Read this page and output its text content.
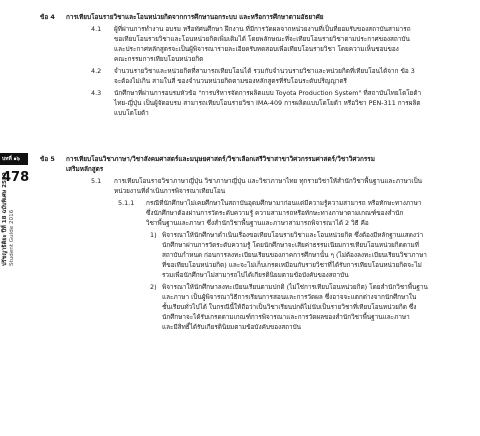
บทที่ ๑๖
478
ปรัชญาธิติยะ ปีที่ 18 ฉบับพิเศษ 2559 Student Guide 2016
ข้อ 4 การเทียบโอนรายวิชาและโอนหน่วยกิตจากการศึกษานอกระบบ และหรือการศึกษาตามอัธยาศัย
4.1 ผู้ที่ผ่านการทำงาน อบรม หรือทัศนศึกษา ฝึกงาน ที่มีการวัดผลจากหน่วยงานที่เป็นที่ยอมรับของสถาบันสามารถ
ขอเทียบโอนรายวิชาและโอนหน่วยกิตเพิ่มเติมได้ โดยพลักษณะที่จะเทียบโอนรายวิชาตามประกาศของสถาบัน
และประกาศหลักสูตรจะเป็นผู้พิจารณารายละเอียดรับทดสอบเพื่อเทียบโอนรายวิชา โดยความเห็นชอบของ
คณะกรรมการเทียบโอนหน่วยกิต
4.2 จำนวนรายวิชาและหน่วยกิตที่สามารถเทียบโอนได้ รวมกับจำนวนรายวิชาและหน่วยกิตที่เทียบโอนได้จาก ข้อ 3
จะต้องไม่เกิน สามในสี่ ของจำนวนหน่วยกิตตามของหลักสูตรที่รับโอนระดับปริญญาตรี
4.3 นักศึกษาที่ผ่านการอบรมหัวข้อ "การบริหารจัดการผลิตแบบ Toyota Production System" ที่สถาบันไทยโตโยต้า
ไทย-ญี่ปุ่น เป็นผู้จัดอบรม สามารถเทียบโอนรายวิชา IMA-409 การผลิตแบบโตโยต้า หรือวิชา PEN-311 การผลิต
แบบโตโยต้า
ข้อ 5 การเทียบโอนวิชาภาษา/วิชาสังคมศาสตร์และมนุษยศาสตร์/วิชาเลือกเสรีวิชาสาขาวิศวกรรมศาสตร์/วิชาวิศวกรรม
เสริมหลักสูตร
5.1 การเทียบโอนรายวิชาภาษาญี่ปุ่น วิชาภาษาญี่ปุ่น และวิชาภาษาไทย ทุกรายวิชาให้สำนักวิชาพื้นฐานและภาษาเป็น
หน่วยงานที่ดำเนินการพิจารณาเทียบโอน
5.1.1 กรณีที่นักศึกษาไม่เคยศึกษาในสถาบันอุดมศึกษามาก่อนแต่มีความรู้ความสามารถ หรือทักษะทางภาษา
ซึ่งนักศึกษาต้องผ่านการวัดระดับความรู้ ความสามารถหรือทักษะทางภาษาตามเกณฑ์ของสำนัก
วิชาพื้นฐานและภาษา ซึ่งสำนักวิชาพื้นฐานและภาษาสามารถพิจารณาได้ 2 วิธี คือ
1) พิจารณาให้นักศึกษาดำเนินเรื่องขอเทียบโอนรายวิชาและโอนหน่วยกิต ซึ่งต้องมีหลักฐานแสดงว่า
นักศึกษาผ่านการวัดระดับความรู้ โดยนักศึกษาจะเสียค่าธรรมเนียมการเทียบโอนหน่วยกิตตามที่
สถาบันกำหนด ก่อนการลงทะเบียนเรียนของภาคการศึกษานั้น ๆ (ไม่ต้องลงทะเบียนเรียนวิชาภาษา
ที่ขอเทียบโอนหน่วยกิต) และจะไม่เก็บเกรดเหมือนกับรายวิชาที่ได้รับการเทียบโอนหน่วยกิตจะไม่
รวมเพื่อนักศึกษาไม่สามารถไปได้เกียรตินิยมตามข้อบังคับของสถาบัน
2) พิจารณาให้นักศึกษาลงทะเบียนเรียนตามปกติ (ไม่ใช่การเทียบโอนหน่วยกิต) โดยสำนักวิชาพื้นฐาน
และภาษา เป็นผู้พิจารณาวิธีการเรียนการสอนและการวัดผล ซึ่งอาจจะแตกต่างจากนักศึกษาใน
ชั้นเรียนทั่วไปได้ ในกรณีนี้ให้ถือว่าเป็นวิชาเรียนปกติไม่นับเป็นรายวิชาที่เทียบโอนหน่วยกิต ซึ่ง
นักศึกษาจะได้รับเกรดตามเกณฑ์การพิจารณาและการวัดผลของสำนักวิชาพื้นฐานและภาษา
และมีสิทธิ์ได้รับเกียรตินิยมตามข้อบังคับของสถาบัน
